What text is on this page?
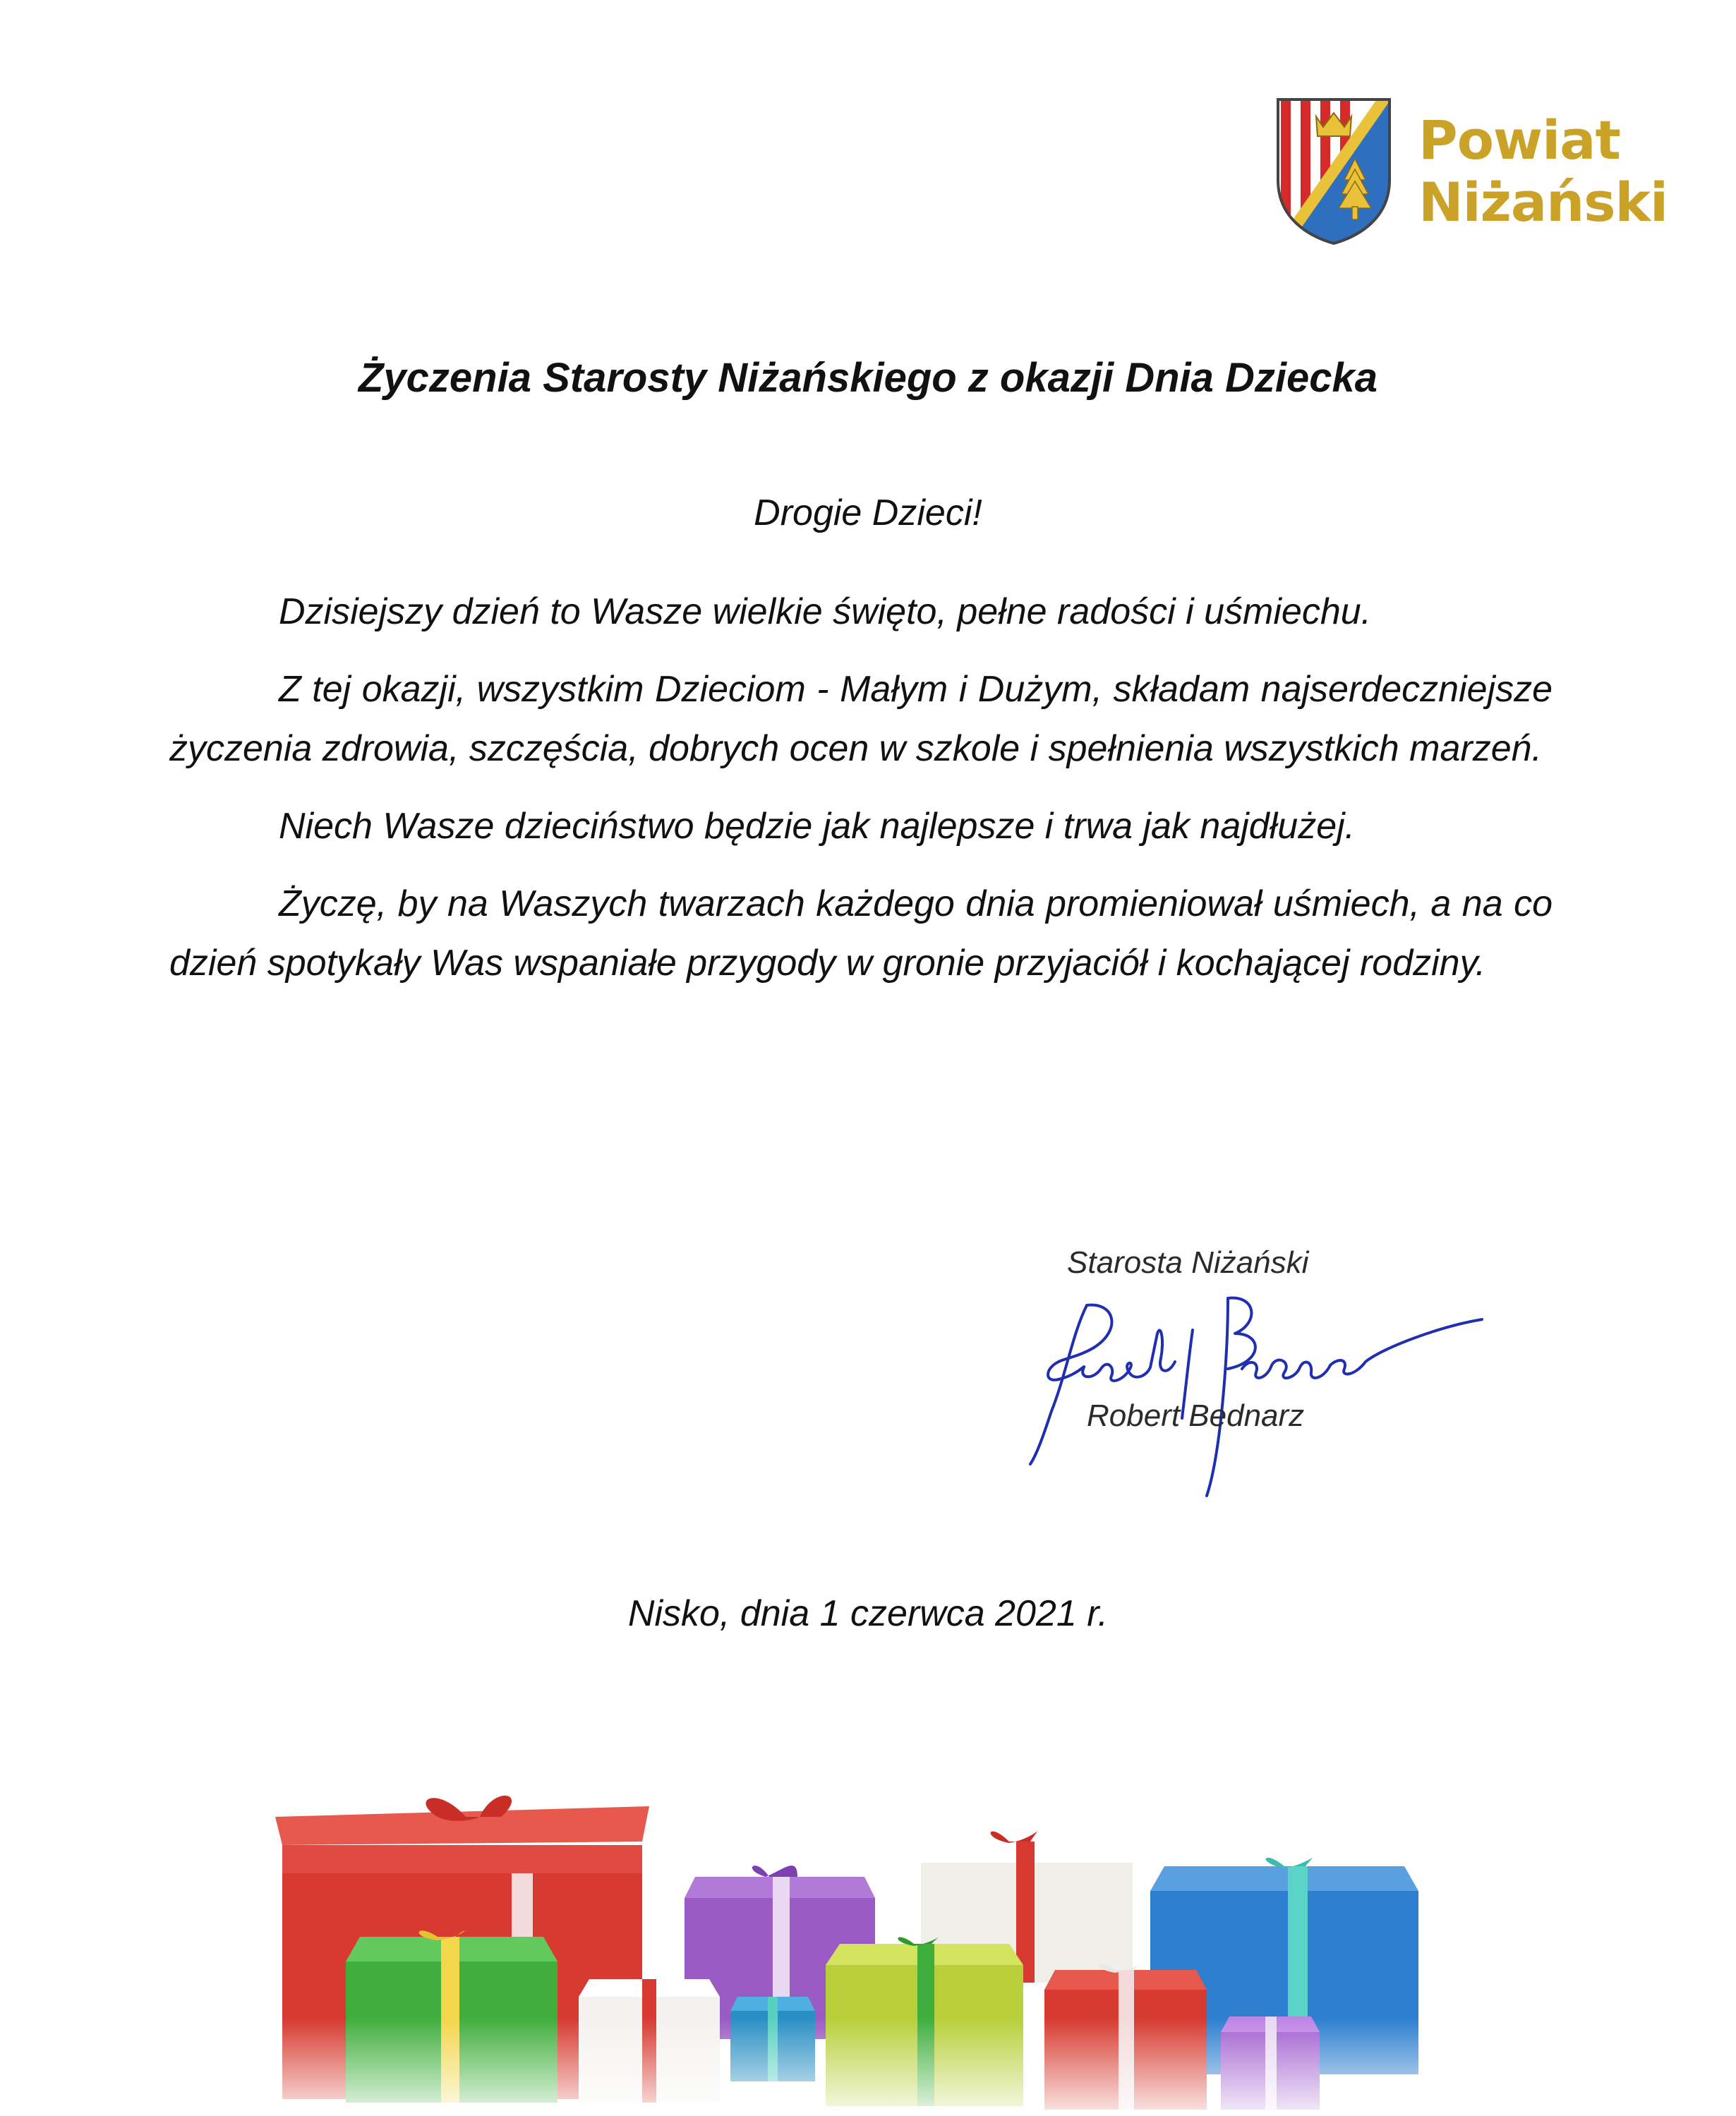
Powiat
Niżański
Życzenia Starosty Niżańskiego z okazji Dnia Dziecka
Drogie Dzieci!

Dzisiejszy dzień to Wasze wielkie święto, pełne radości i uśmiechu.

Z tej okazji, wszystkim Dzieciom - Małym i Dużym, składam najserdeczniejsze życzenia zdrowia, szczęścia, dobrych ocen w szkole i spełnienia wszystkich marzeń.

Niech Wasze dzieciństwo będzie jak najlepsze i trwa jak najdłużej.

Życzę, by na Waszych twarzach każdego dnia promieniował uśmiech, a na co dzień spotykały Was wspaniałe przygody w gronie przyjaciół i kochającej rodziny.

Starosta Niżański
Robert Bednarz
Nisko, dnia 1 czerwca 2021 r.
